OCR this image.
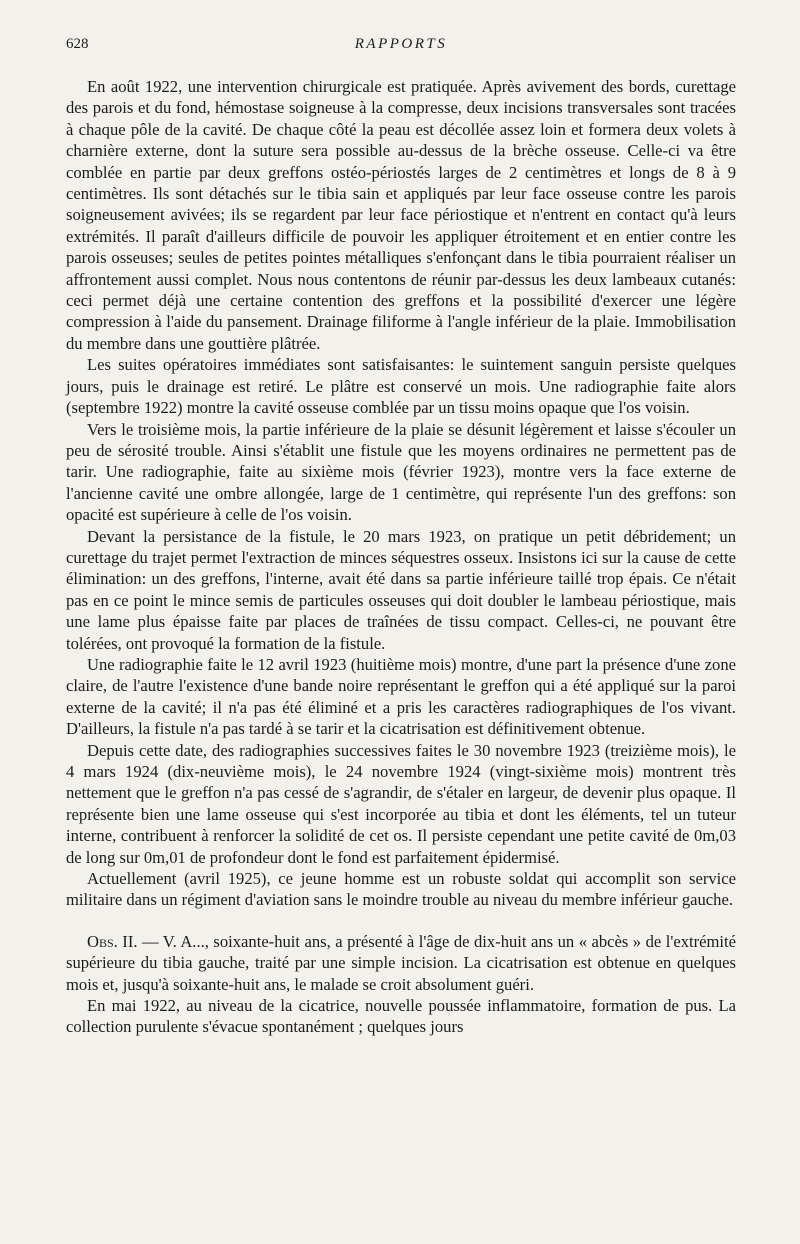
628	RAPPORTS

En août 1922, une intervention chirurgicale est pratiquée. Après avivement des bords, curettage des parois et du fond, hémostase soigneuse à la compresse, deux incisions transversales sont tracées à chaque pôle de la cavité. De chaque côté la peau est décollée assez loin et formera deux volets à charnière externe, dont la suture sera possible au-dessus de la brèche osseuse. Celle-ci va être comblée en partie par deux greffons ostéo-périostés larges de 2 centimètres et longs de 8 à 9 centimètres. Ils sont détachés sur le tibia sain et appliqués par leur face osseuse contre les parois soigneusement avivées; ils se regardent par leur face périostique et n'entrent en contact qu'à leurs extrémités. Il paraît d'ailleurs difficile de pouvoir les appliquer étroitement et en entier contre les parois osseuses; seules de petites pointes métalliques s'enfonçant dans le tibia pourraient réaliser un affrontement aussi complet. Nous nous contentons de réunir par-dessus les deux lambeaux cutanés: ceci permet déjà une certaine contention des greffons et la possibilité d'exercer une légère compression à l'aide du pansement. Drainage filiforme à l'angle inférieur de la plaie. Immobilisation du membre dans une gouttière plâtrée.

Les suites opératoires immédiates sont satisfaisantes: le suintement sanguin persiste quelques jours, puis le drainage est retiré. Le plâtre est conservé un mois. Une radiographie faite alors (septembre 1922) montre la cavité osseuse comblée par un tissu moins opaque que l'os voisin.

Vers le troisième mois, la partie inférieure de la plaie se désunit légèrement et laisse s'écouler un peu de sérosité trouble. Ainsi s'établit une fistule que les moyens ordinaires ne permettent pas de tarir. Une radiographie, faite au sixième mois (février 1923), montre vers la face externe de l'ancienne cavité une ombre allongée, large de 1 centimètre, qui représente l'un des greffons: son opacité est supérieure à celle de l'os voisin.

Devant la persistance de la fistule, le 20 mars 1923, on pratique un petit débridement; un curettage du trajet permet l'extraction de minces séquestres osseux. Insistons ici sur la cause de cette élimination: un des greffons, l'interne, avait été dans sa partie inférieure taillé trop épais. Ce n'était pas en ce point le mince semis de particules osseuses qui doit doubler le lambeau périostique, mais une lame plus épaisse faite par places de traînées de tissu compact. Celles-ci, ne pouvant être tolérées, ont provoqué la formation de la fistule.

Une radiographie faite le 12 avril 1923 (huitième mois) montre, d'une part la présence d'une zone claire, de l'autre l'existence d'une bande noire représentant le greffon qui a été appliqué sur la paroi externe de la cavité; il n'a pas été éliminé et a pris les caractères radiographiques de l'os vivant. D'ailleurs, la fistule n'a pas tardé à se tarir et la cicatrisation est définitivement obtenue.

Depuis cette date, des radiographies successives faites le 30 novembre 1923 (treizième mois), le 4 mars 1924 (dix-neuvième mois), le 24 novembre 1924 (vingt-sixième mois) montrent très nettement que le greffon n'a pas cessé de s'agrandir, de s'étaler en largeur, de devenir plus opaque. Il représente bien une lame osseuse qui s'est incorporée au tibia et dont les éléments, tel un tuteur interne, contribuent à renforcer la solidité de cet os. Il persiste cependant une petite cavité de 0m,03 de long sur 0m,01 de profondeur dont le fond est parfaitement épidermisé.

Actuellement (avril 1925), ce jeune homme est un robuste soldat qui accomplit son service militaire dans un régiment d'aviation sans le moindre trouble au niveau du membre inférieur gauche.

Obs. II. — V. A..., soixante-huit ans, a présenté à l'âge de dix-huit ans un « abcès » de l'extrémité supérieure du tibia gauche, traité par une simple incision. La cicatrisation est obtenue en quelques mois et, jusqu'à soixante-huit ans, le malade se croit absolument guéri.

En mai 1922, au niveau de la cicatrice, nouvelle poussée inflammatoire, formation de pus. La collection purulente s'évacue spontanément ; quelques jours
